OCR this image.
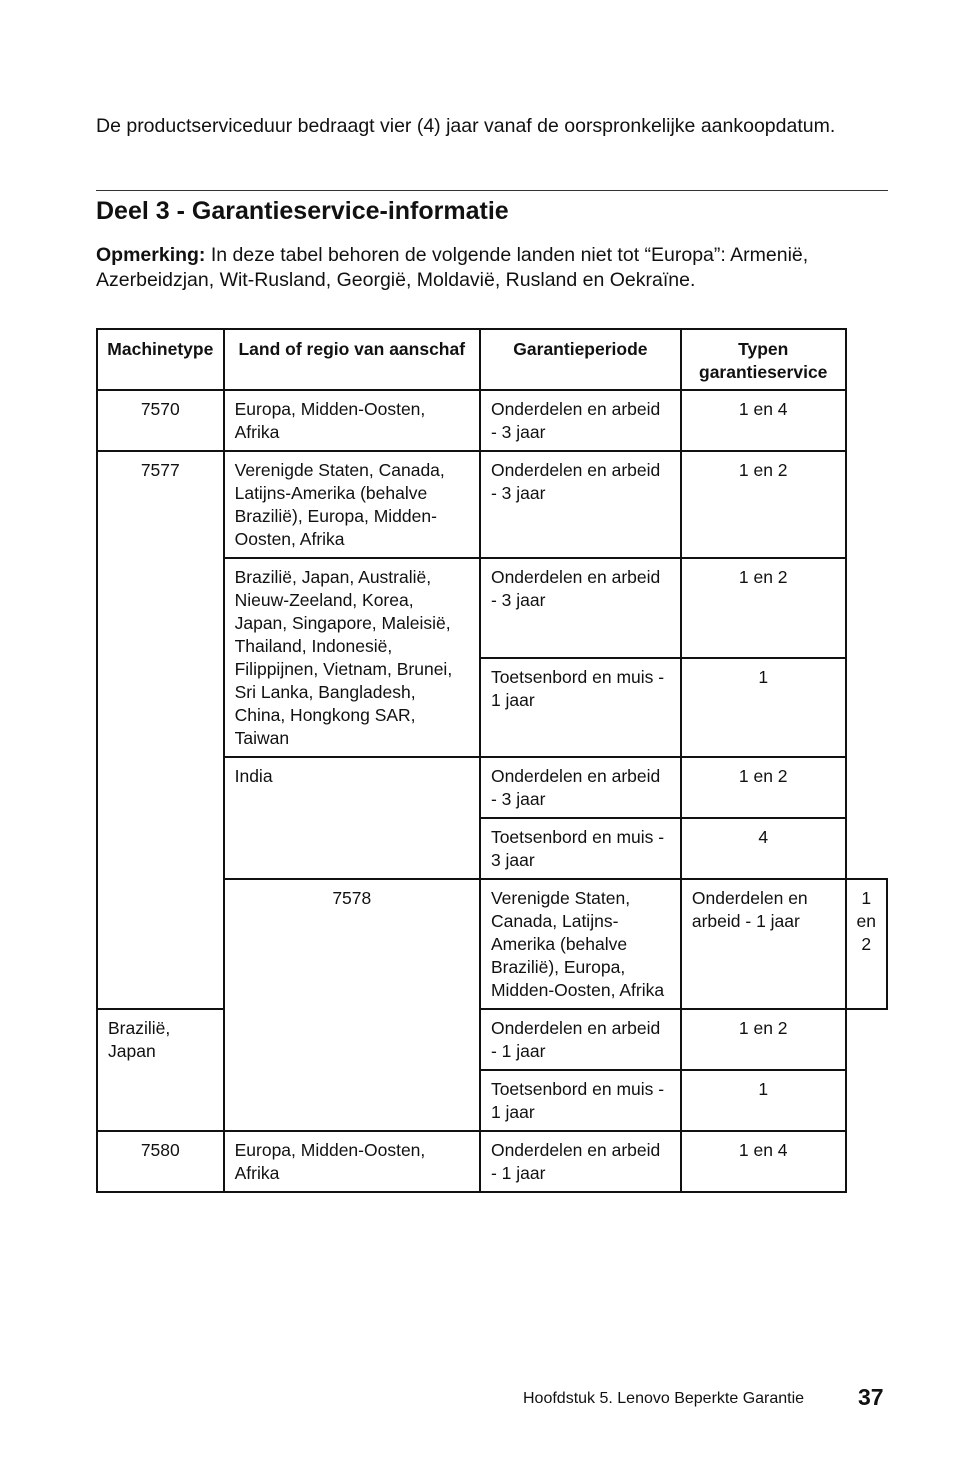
De productserviceduur bedraagt vier (4) jaar vanaf de oorspronkelijke aankoopdatum.
Deel 3 - Garantieservice-informatie
Opmerking: In deze tabel behoren de volgende landen niet tot “Europa”: Armenië, Azerbeidzjan, Wit-Rusland, Georgië, Moldavië, Rusland en Oekraïne.
Machinetype	Land of regio van aanschaf	Garantieperiode	Typen garantieservice	
7570	Europa, Midden-Oosten, Afrika	Onderdelen en arbeid - 3 jaar	1 en 4	
7577	Verenigde Staten, Canada, Latijns-Amerika (behalve Brazilië), Europa, Midden-Oosten, Afrika	Onderdelen en arbeid - 3 jaar	1 en 2	
	Brazilië, Japan, Australië, Nieuw-Zeeland, Korea, Japan, Singapore, Maleisië, Thailand, Indonesië, Filippijnen, Vietnam, Brunei, Sri Lanka, Bangladesh, China, Hongkong SAR, Taiwan	Onderdelen en arbeid - 3 jaar	1 en 2	
		Toetsenbord en muis - 1 jaar	1	
	India	Onderdelen en arbeid - 3 jaar	1 en 2	
		Toetsenbord en muis - 3 jaar	4	
	7578	Verenigde Staten, Canada, Latijns-Amerika (behalve Brazilië), Europa, Midden-Oosten, Afrika	Onderdelen en arbeid - 1 jaar	1 en 2
Brazilië, Japan		Onderdelen en arbeid - 1 jaar	1 en 2	
		Toetsenbord en muis - 1 jaar	1	
7580	Europa, Midden-Oosten, Afrika	Onderdelen en arbeid - 1 jaar	1 en 4	
Hoofdstuk 5. Lenovo Beperkte Garantie 37
